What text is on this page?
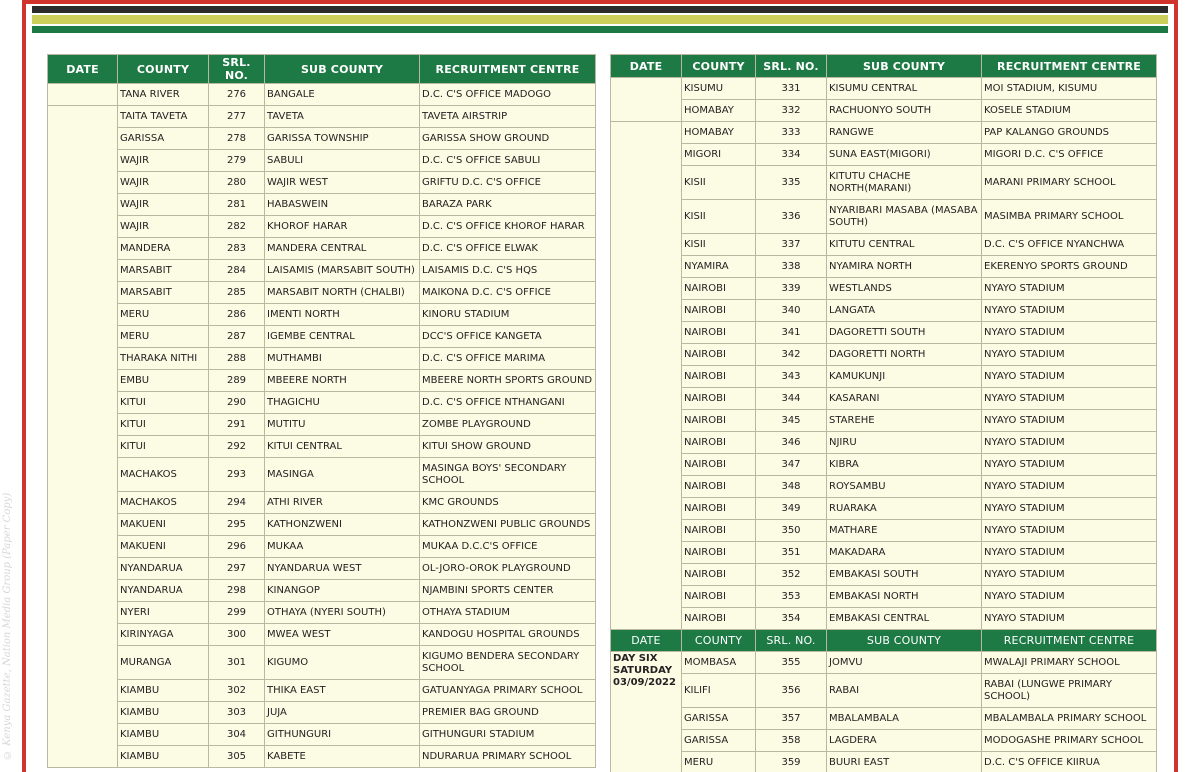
© Kenya Gazette, Nation Media Group (Paper Copy)
DATE	COUNTY	SRL. NO.	SUB COUNTY	RECRUITMENT CENTRE
	TANA RIVER	276	BANGALE	D.C. C'S OFFICE MADOGO
	TAITA TAVETA	277	TAVETA	TAVETA AIRSTRIP
	GARISSA	278	GARISSA TOWNSHIP	GARISSA SHOW GROUND
	WAJIR	279	SABULI	D.C. C'S OFFICE SABULI
	WAJIR	280	WAJIR WEST	GRIFTU D.C. C'S OFFICE
	WAJIR	281	HABASWEIN	BARAZA PARK
	WAJIR	282	KHOROF HARAR	D.C. C'S OFFICE KHOROF HARAR
	MANDERA	283	MANDERA CENTRAL	D.C. C'S OFFICE ELWAK
	MARSABIT	284	LAISAMIS (MARSABIT SOUTH)	LAISAMIS D.C. C'S HQS
	MARSABIT	285	MARSABIT NORTH (CHALBI)	MAIKONA D.C. C'S OFFICE
	MERU	286	IMENTI NORTH	KINORU STADIUM
	MERU	287	IGEMBE CENTRAL	DCC'S OFFICE KANGETA
	THARAKA NITHI	288	MUTHAMBI	D.C. C'S OFFICE MARIMA
	EMBU	289	MBEERE NORTH	MBEERE NORTH SPORTS GROUND
	KITUI	290	THAGICHU	D.C. C'S OFFICE NTHANGANI
	KITUI	291	MUTITU	ZOMBE PLAYGROUND
	KITUI	292	KITUI CENTRAL	KITUI SHOW GROUND
	MACHAKOS	293	MASINGA	MASINGA BOYS' SECONDARY SCHOOL
	MACHAKOS	294	ATHI RIVER	KMC GROUNDS
	MAKUENI	295	KATHONZWENI	KATHONZWENI PUBLIC GROUNDS
	MAKUENI	296	MUKAA	MUKAA D.C.C'S OFFICE
	NYANDARUA	297	NYANDARUA WEST	OL-JORO-OROK PLAYGROUND
	NYANDARUA	298	KINANGOP	NJAMBINI SPORTS CENTER
	NYERI	299	OTHAYA (NYERI SOUTH)	OTHAYA STADIUM
	KIRINYAGA	300	MWEA WEST	KANDOGU HOSPITAL GROUNDS
	MURANGA	301	KIGUMO	KIGUMO BENDERA SECONDARY SCHOOL
	KIAMBU	302	THIKA EAST	GATUANYAGA PRIMARY SCHOOL
	KIAMBU	303	JUJA	PREMIER BAG GROUND
	KIAMBU	304	GITHUNGURI	GITHUNGURI STADIUM
	KIAMBU	305	KABETE	NDURARUA PRIMARY SCHOOL
DATE	COUNTY	SRL. NO.	SUB COUNTY	RECRUITMENT CENTRE
	KISUMU	331	KISUMU CENTRAL	MOI STADIUM, KISUMU
	HOMABAY	332	RACHUONYO SOUTH	KOSELE STADIUM
	HOMABAY	333	RANGWE	PAP KALANGO GROUNDS
	MIGORI	334	SUNA EAST(MIGORI)	MIGORI D.C. C'S OFFICE
	KISII	335	KITUTU CHACHE NORTH(MARANI)	MARANI PRIMARY SCHOOL
	KISII	336	NYARIBARI MASABA (MASABA SOUTH)	MASIMBA PRIMARY SCHOOL
	KISII	337	KITUTU CENTRAL	D.C. C'S OFFICE NYANCHWA
	NYAMIRA	338	NYAMIRA NORTH	EKERENYO SPORTS GROUND
	NAIROBI	339	WESTLANDS	NYAYO STADIUM
	NAIROBI	340	LANGATA	NYAYO STADIUM
	NAIROBI	341	DAGORETTI SOUTH	NYAYO STADIUM
	NAIROBI	342	DAGORETTI NORTH	NYAYO STADIUM
	NAIROBI	343	KAMUKUNJI	NYAYO STADIUM
	NAIROBI	344	KASARANI	NYAYO STADIUM
	NAIROBI	345	STAREHE	NYAYO STADIUM
	NAIROBI	346	NJIRU	NYAYO STADIUM
	NAIROBI	347	KIBRA	NYAYO STADIUM
	NAIROBI	348	ROYSAMBU	NYAYO STADIUM
	NAIROBI	349	RUARAKA	NYAYO STADIUM
	NAIROBI	350	MATHARE	NYAYO STADIUM
	NAIROBI	351	MAKADARA	NYAYO STADIUM
	NAIROBI	352	EMBAKASI SOUTH	NYAYO STADIUM
	NAIROBI	353	EMBAKASI NORTH	NYAYO STADIUM
	NAIROBI	354	EMBAKASI CENTRAL	NYAYO STADIUM
DATE	COUNTY	SRL. NO.	SUB COUNTY	RECRUITMENT CENTRE

DAY SIX
SATURDAY
03/09/2022	MOMBASA	355	JOMVU	MWALAJI PRIMARY SCHOOL
	KILIFI	356	RABAI	RABAI (LUNGWE PRIMARY SCHOOL)
	GARISSA	357	MBALAMBALA	MBALAMBALA PRIMARY SCHOOL
	GARISSA	358	LAGDERA	MODOGASHE PRIMARY SCHOOL
	MERU	359	BUURI EAST	D.C. C'S OFFICE KIIRUA
